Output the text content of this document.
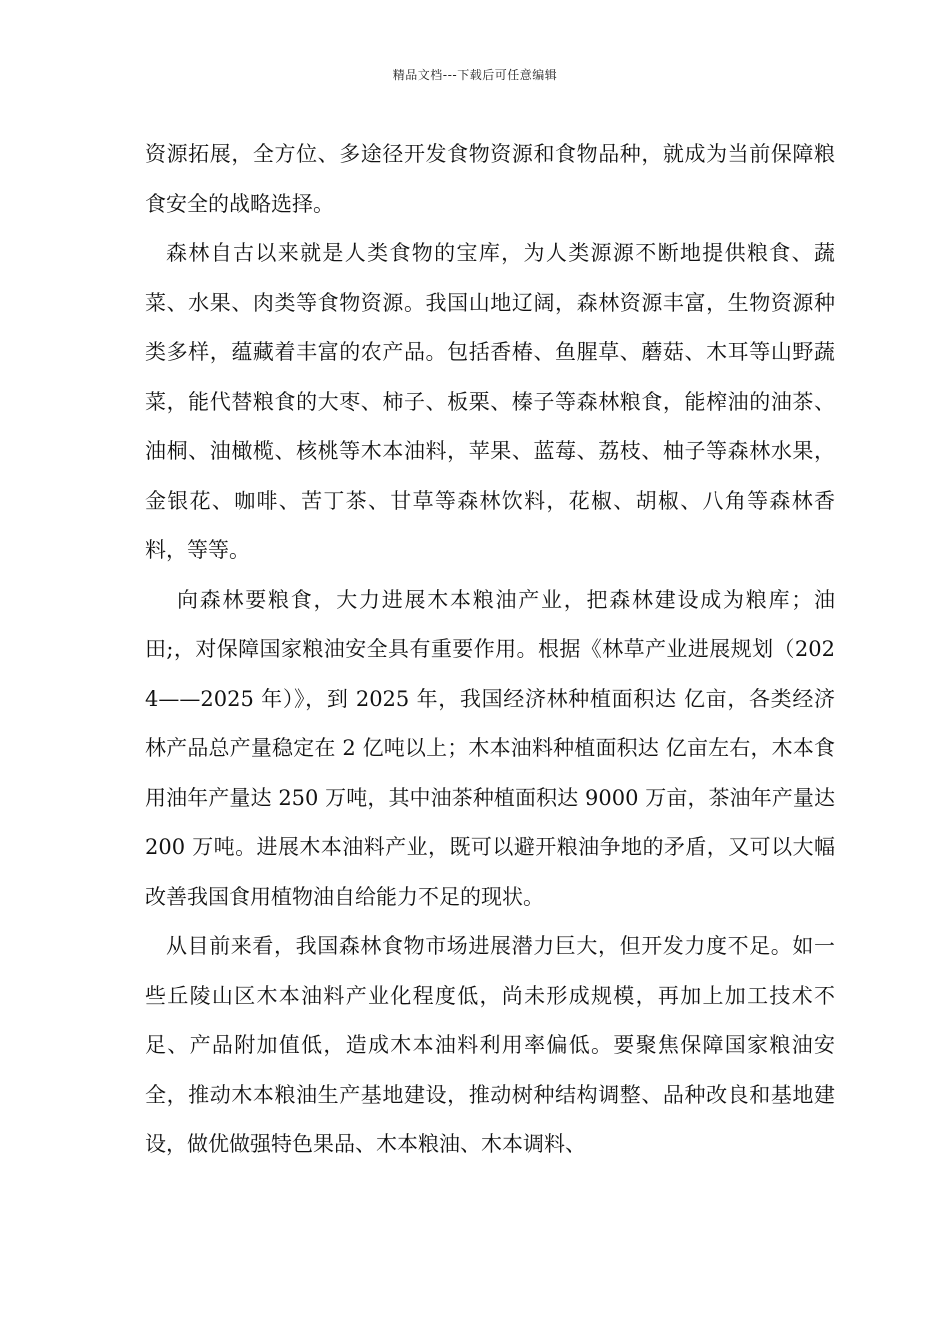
精品文档---下载后可任意编辑

资源拓展，全方位、多途径开发食物资源和食物品种，就成为当前保障粮食安全的战略选择。

森林自古以来就是人类食物的宝库，为人类源源不断地提供粮食、蔬菜、水果、肉类等食物资源。我国山地辽阔，森林资源丰富，生物资源种类多样，蕴藏着丰富的农产品。包括香椿、鱼腥草、蘑菇、木耳等山野蔬菜，能代替粮食的大枣、柿子、板栗、榛子等森林粮食，能榨油的油茶、油桐、油橄榄、核桃等木本油料，苹果、蓝莓、荔枝、柚子等森林水果，金银花、咖啡、苦丁茶、甘草等森林饮料，花椒、胡椒、八角等森林香料，等等。

向森林要粮食，大力进展木本粮油产业，把森林建设成为粮库；油田;，对保障国家粮油安全具有重要作用。根据《林草产业进展规划（2024——2025 年）》，到 2025 年，我国经济林种植面积达 亿亩，各类经济林产品总产量稳定在 2 亿吨以上；木本油料种植面积达 亿亩左右，木本食用油年产量达 250 万吨，其中油茶种植面积达 9000 万亩，茶油年产量达 200 万吨。进展木本油料产业，既可以避开粮油争地的矛盾，又可以大幅改善我国食用植物油自给能力不足的现状。

从目前来看，我国森林食物市场进展潜力巨大，但开发力度不足。如一些丘陵山区木本油料产业化程度低，尚未形成规模，再加上加工技术不足、产品附加值低，造成木本油料利用率偏低。要聚焦保障国家粮油安全，推动木本粮油生产基地建设，推动树种结构调整、品种改良和基地建设，做优做强特色果品、木本粮油、木本调料、
